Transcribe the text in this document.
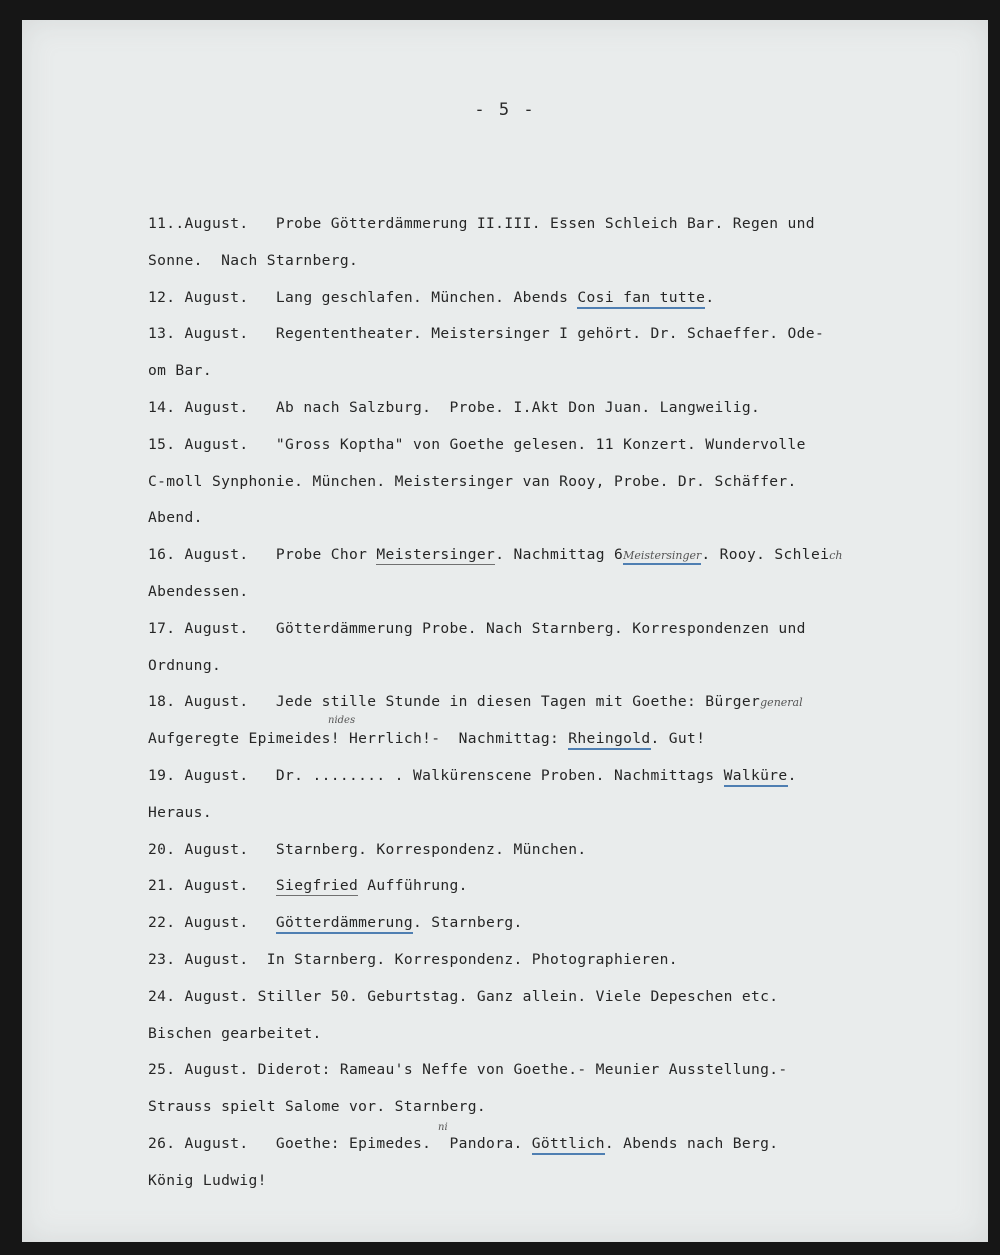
- 5 -
11..August.   Probe Götterdämmerung II.III. Essen Schleich Bar. Regen und
Sonne.  Nach Starnberg.
12. August.   Lang geschlafen. München. Abends Cosi fan tutte.
13. August.   Regententheater. Meistersinger I gehört. Dr. Schaeffer. Ode-
om Bar.
14. August.   Ab nach Salzburg.  Probe. I.Akt Don Juan. Langweilig.
15. August.   "Gross Koptha" von Goethe gelesen. 11 Konzert. Wundervolle
C-moll Synphonie. München. Meistersinger van Rooy, Probe. Dr. Schäffer.
Abend.
16. August.   Probe Chor Meistersinger. Nachmittag 6Meistersinger. Rooy. Schleich
Abendessen.
17. August.   Götterdämmerung Probe. Nach Starnberg. Korrespondenzen und
Ordnung.
18. August.   Jede stille Stunde in diesen Tagen mit Goethe: Bürgergeneral
Aufgeregte Epimeides! Herrlich!-  Nachmittag: Rheingold. Gut!
nides
19. August.   Dr. ........ . Walkürenscene Proben. Nachmittags Walküre.
Heraus.
20. August.   Starnberg. Korrespondenz. München.
21. August. Siegfried Aufführung.
22. August. Götterdämmerung. Starnberg.
23. August.  In Starnberg. Korrespondenz. Photographieren.
24. August. Stiller 50. Geburtstag. Ganz allein. Viele Depeschen etc.
Bischen gearbeitet.
25. August. Diderot: Rameau's Neffe von Goethe.- Meunier Ausstellung.-
Strauss spielt Salome vor. Starnberg.
26. August.   Goethe: Epimedes.  Pandora. Göttlich. Abends nach Berg.
ni
König Ludwig!
